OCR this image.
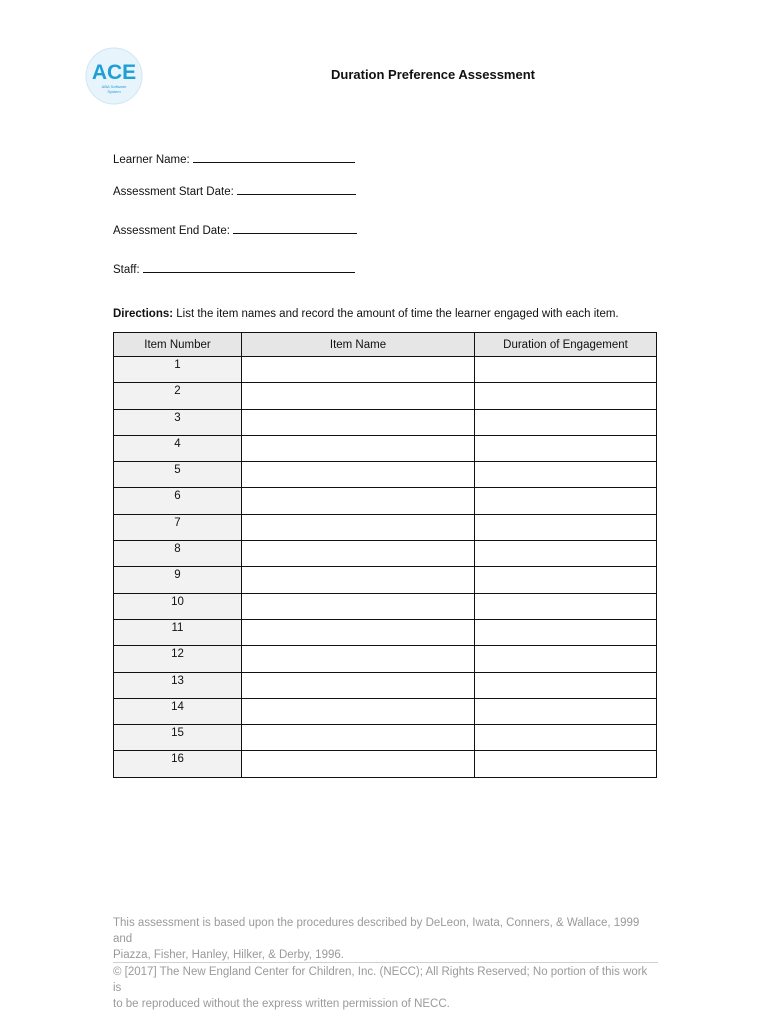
ACE
ABA Software
System
Duration Preference Assessment
Learner Name:
Assessment Start Date:
Assessment End Date:
Staff:
Directions: List the item names and record the amount of time the learner engaged with each item.
Item Number	Item Name	Duration of Engagement
1		
2		
3		
4		
5		
6		
7		
8		
9		
10		
11		
12		
13		
14		
15		
16		
This assessment is based upon the procedures described by DeLeon, Iwata, Conners, & Wallace, 1999 and
Piazza, Fisher, Hanley, Hilker, & Derby, 1996.
© [2017] The New England Center for Children, Inc. (NECC); All Rights Reserved; No portion of this work is
to be reproduced without the express written permission of NECC.
